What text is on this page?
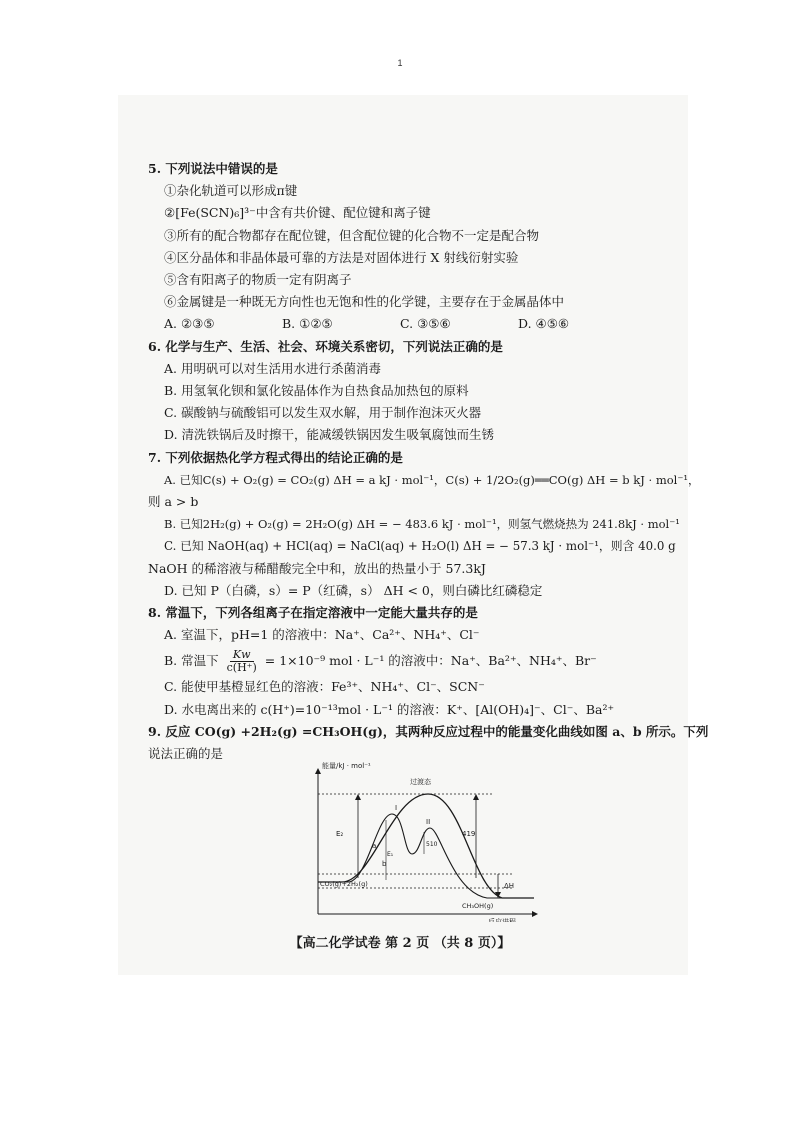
1
5. 下列说法中错误的是
①杂化轨道可以形成π键
②[Fe(SCN)₆]³⁻中含有共价键、配位键和离子键
③所有的配合物都存在配位键，但含配位键的化合物不一定是配合物
④区分晶体和非晶体最可靠的方法是对固体进行 X 射线衍射实验
⑤含有阳离子的物质一定有阴离子
⑥金属键是一种既无方向性也无饱和性的化学键，主要存在于金属晶体中
A. ②③⑤	B. ①②⑤	C. ③⑤⑥	D. ④⑤⑥
6. 化学与生产、生活、社会、环境关系密切，下列说法正确的是
A. 用明矾可以对生活用水进行杀菌消毒
B. 用氢氧化钡和氯化铵晶体作为自热食品加热包的原料
C. 碳酸钠与硫酸铝可以发生双水解，用于制作泡沫灭火器
D. 清洗铁锅后及时擦干，能减缓铁锅因发生吸氧腐蚀而生锈
7. 下列依据热化学方程式得出的结论正确的是
A. 已知C(s) + O₂(g) = CO₂(g) ΔH = a kJ · mol⁻¹，C(s) + 1/2O₂(g)══CO(g) ΔH = b kJ · mol⁻¹，
则 a > b
B. 已知2H₂(g) + O₂(g) = 2H₂O(g) ΔH = − 483.6 kJ · mol⁻¹，则氢气燃烧热为 241.8kJ · mol⁻¹
C. 已知 NaOH(aq) + HCl(aq) = NaCl(aq) + H₂O(l) ΔH = − 57.3 kJ · mol⁻¹，则含 40.0 g
NaOH 的稀溶液与稀醋酸完全中和，放出的热量小于 57.3kJ
D. 已知 P（白磷，s）= P（红磷，s） ΔH < 0，则白磷比红磷稳定
8. 常温下，下列各组离子在指定溶液中一定能大量共存的是
A. 室温下，pH=1 的溶液中：Na⁺、Ca²⁺、NH₄⁺、Cl⁻
B. 常温下 $\frac{Kw}{c(H^+)} = 1\times 10^{-9}$ mol · L⁻¹ 的溶液中：Na⁺、Ba²⁺、NH₄⁺、Br⁻
C. 能使甲基橙显红色的溶液：Fe³⁺、NH₄⁺、Cl⁻、SCN⁻
D. 水电离出来的 c(H⁺)=10⁻¹³mol · L⁻¹ 的溶液：K⁺、[Al(OH)₄]⁻、Cl⁻、Ba²⁺
9. 反应 CO(g) +2H₂(g) =CH₃OH(g)，其两种反应过程中的能量变化曲线如图 a、b 所示。下列
说法正确的是
能量/kJ · mol⁻¹
反应进程
E₂	419
ΔH
过渡态
I
II
a
b
E₁
510
CO₂(g)+2H₂(g)
CH₃OH(g)
【高二化学试卷 第 2 页 （共 8 页）】
